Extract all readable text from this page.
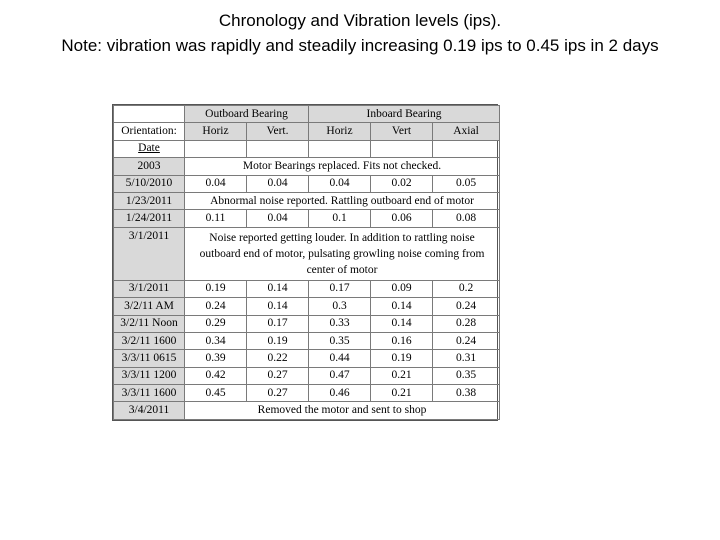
Chronology and Vibration levels (ips).
Note: vibration was rapidly and steadily increasing 0.19 ips to 0.45 ips in 2 days
	Outboard Bearing		Inboard Bearing		
Orientation:	Horiz	Vert.	Horiz	Vert	Axial
Date					
2003	Motor Bearings replaced. Fits not checked.				
5/10/2010	0.04	0.04	0.04	0.02	0.05
1/23/2011	Abnormal noise reported. Rattling outboard end of motor				
1/24/2011	0.11	0.04	0.1	0.06	0.08
3/1/2011	Noise reported getting louder. In addition to rattling noise outboard end of motor, pulsating growling noise coming from center of motor				
3/1/2011	0.19	0.14	0.17	0.09	0.2
3/2/11 AM	0.24	0.14	0.3	0.14	0.24
3/2/11 Noon	0.29	0.17	0.33	0.14	0.28
3/2/11 1600	0.34	0.19	0.35	0.16	0.24
3/3/11 0615	0.39	0.22	0.44	0.19	0.31
3/3/11 1200	0.42	0.27	0.47	0.21	0.35
3/3/11 1600	0.45	0.27	0.46	0.21	0.38
3/4/2011	Removed the motor and sent to shop				
